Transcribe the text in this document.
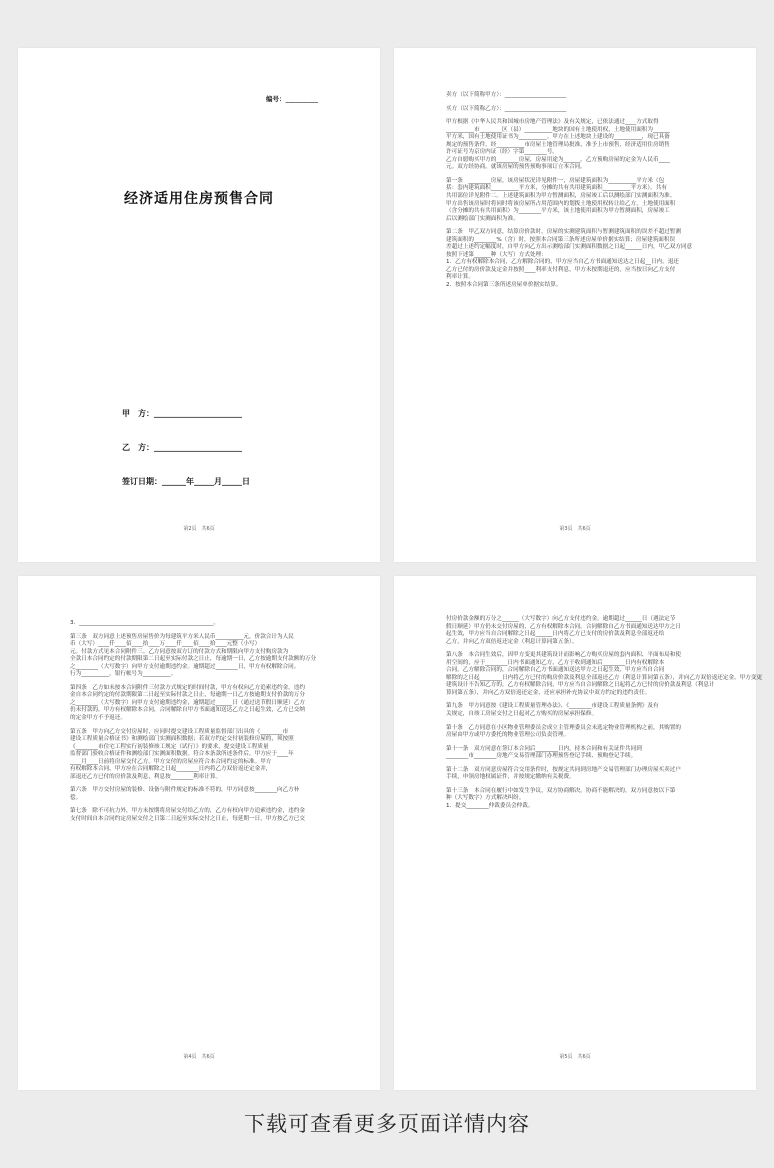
编号：__________
经济适用住房预售合同
甲　方：______________________
乙　方：______________________
签订日期：______年_____月_____日
第2页　共6页
卖方（以下简称甲方）：______________________

买方（以下简称乙方）：______________________

甲方根据《中华人民共和国城市房地产管理法》及有关规定，已依法通过____方式取得
__________市________区（县）__________地块的国有土地使用权，土地使用面积为______
平方米，国有土地使用证书为__________。甲方在上述地块上建设的__________，现已具备
规定的预售条件，经__________市房屋土地管理局批准，准予上市预售，经济适用住房销售
许可证号为京房内证（经）字第________号。
乙方自愿购买甲方的________房屋，房屋用途为______。乙方预购房屋的定金为人民币____
元。双方经协商，就该房屋的预售预购事项订立本合同。

第一条　________房屋，该房屋状况详见附件一，房屋建筑面积为__________平方米（包
括：套内建筑面积__________平方米，分摊的共有共用建筑面积__________平方米）。共有
共用部位详见附件二。上述建筑面积为甲方暂测面积，房屋竣工后以测绘部门实测面积为准。
甲方出售该房屋时将同时将该房屋所占用范围内的划拨土地使用权转让给乙方，土地使用面积
（含分摊的共有共用面积）为________平方米，该土地使用面积为甲方暂测面积，房屋竣工
后以测绘部门实测面积为准。

第二条　甲乙双方同意，结算房价款时，房屋的实测建筑面积与暂测建筑面积的误差不超过暂测
建筑面积的________%（含）时，按照本合同第三条所述房屋单价据实结算；房屋建筑面积误
差超过上述约定幅度时，自甲方向乙方出示测绘部门实测面积数据之日起______日内，甲乙双方同意
按照下述第______种（大写）方式处理：
1．乙方有权解除本合同，乙方解除合同的，甲方应当自乙方书面通知送达之日起__日内，退还
乙方已付的房价款及定金并按照____利率支付利息，甲方未按期退还的，应当按日向乙方支付
利率计算。
2．按照本合同第三条所述房屋单价据实结算。
第3页　共6页
3．________________________________________________。

第三条　双方同意上述预售房屋售价为每建筑平方米人民币__________元，价款合计为人民
币（大写）____仟____佰____拾____万____仟____佰____拾____元整（小写）
元。付款方式见本合同附件三。乙方同意按双方订的付款方式和期限向甲方支付购房款为
全款日本合同约定的付款期限第二日起至实际付款之日止，每逾期一日，乙方按逾期支付款额的万分
之________（大写数字）向甲方支付逾期违约金。逾期超过________日，甲方有权解除合同。
行为__________，银行帐号为__________。

第四条　乙方如未按本合同附件三付款方式规定的时间付款，甲方有权向乙方追索违约金，违约
金自本合同约定的付款期限第二日起至实际付款之日止，每逾期一日乙方按逾期支付价款的万分
之________（大写数字）向甲方支付逾期违约金，逾期超过______日（通过送节假日顺延）乙方
仍未付款的，甲方有权解除本合同，合同解除自甲方书面通知送达乙方之日起生效，乙方已交纳
的定金甲方不予返还。

第五条　甲方向乙方交付房屋时，应同时提交建设工程质量监督部门出具的《________市
建设工程质量合格证书》和测绘部门实测面积数据；若双方约定交付初装修房屋的，须按照
《________市住宅工程实行初装修竣工规定（试行）》的要求，提交建设工程质量
监督部门验收合格证件和测绘部门实测面积数据。符合本条款所述条件后，甲方应于____年
____月____日前将房屋交付乙方。甲方交付的房屋应符合本合同约定的标准。甲方
有权解除本合同，甲方应在合同解除之日起________日内将乙方双倍返还定金并，
部退还乙方已付的房价款及利息，利息按________利率计算。

第六条　甲方交付房屋的装修、设备与附件规定的标准不符的，甲方同意按________向乙方补
偿。

第七条　除不可抗力外，甲方未按期将房屋交付给乙方的，乙方有权向甲方追索违约金，违约金
支付时间自本合同约定房屋交付之日第二日起至实际交付之日止，每延期一日，甲方按乙方已交
第4页　共6页
付房价款金额的万分之______（大写数字）向乙方支付违约金。逾期超过______日（遇法定节
假日顺延）甲方仍未交付房屋的，乙方有权解除本合同。合同解除自乙方书面通知送达甲方之日
起生效，甲方应当自合同解除之日起______日内将乙方已支付的房价款及利息全部返还给
乙方，并向乙方双倍返还定金（利息计算同第五条）。

第八条　本合同生效后，因甲方变更其建筑设计而影响乙方购买房屋的套内面积、平面布局和使
用空间的，应于________日内书面通知乙方，乙方于收到通知后________日内有权解除本
合同。乙方解除合同的，合同解除自乙方书面通知送达甲方之日起生效，甲方应当自合同
解除的之日起________日内将乙方已付的购房价款及利息全部返还乙方（利息计算同第五条），并向乙方双倍返还定金。甲方变更
建筑设计不告知乙方的，乙方有权解除合同，甲方应当自合同解除之日起将乙方已付的房价款及利息（利息计
算同第五条），并向乙方双倍返还定金，还应承担补充协议中双方约定的违约责任。

第九条　甲方同意按《建设工程质量管理办法》、《________市建设工程质量条例》及有
关规定，自竣工房屋交付之日起对乙方购买的房屋承担保修。

第十条　乙方同意在小区物业管理委员会成立主管理委员会未选定物业管理机构之前，其购置的
房屋由甲方或甲方委托的物业管理公司负责管理。

第十一条　双方同意在签订本合同后________日内，持本合同和有关证件共同到
________市________房地产交易管理部门办理预售登记手续、预购登记手续。

第十二条　双方同意房屋符合交用条件时，按规定共同到房地产交易管理部门办理房屋买卖过户
手续，申领房地权属证件，并按规定缴纳有关税费。

第十三条　本合同在履行中如发生争议，双方协商解决。协商不能解决的，双方同意按以下第
种（大写数字）方式解决纠纷。
1．提交________仲裁委员会仲裁。
第5页　共6页
下载可查看更多页面详情内容
